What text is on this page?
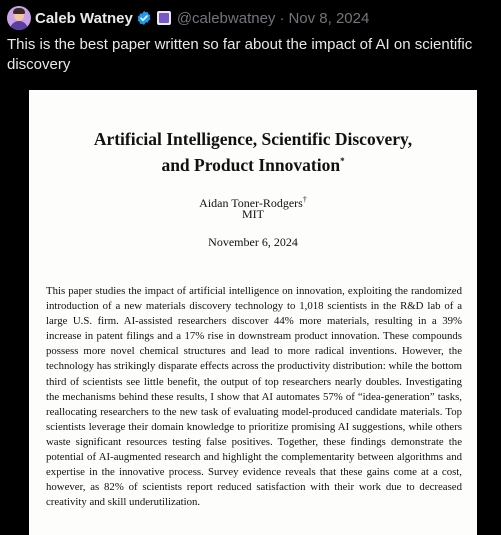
Caleb Watney	@calebwatney · Nov 8, 2024
This is the best paper written so far about the impact of AI on scientific discovery
Artificial Intelligence, Scientific Discovery,
and Product Innovation*
Aidan Toner-Rodgers†
MIT
November 6, 2024
This paper studies the impact of artificial intelligence on innovation, exploiting the randomized introduction of a new materials discovery technology to 1,018 scientists in the R&D lab of a large U.S. firm. AI-assisted researchers discover 44% more materials, resulting in a 39% increase in patent filings and a 17% rise in downstream product innovation. These compounds possess more novel chemical structures and lead to more radical inventions. However, the technology has strikingly disparate effects across the productivity distribution: while the bottom third of scientists see little benefit, the output of top researchers nearly doubles. Investigating the mechanisms behind these results, I show that AI automates 57% of “idea-generation” tasks, reallocating researchers to the new task of evaluating model-produced candidate materials. Top scientists leverage their domain knowledge to prioritize promising AI suggestions, while others waste significant resources testing false positives. Together, these findings demonstrate the potential of AI-augmented research and highlight the complementarity between algorithms and expertise in the innovative process. Survey evidence reveals that these gains come at a cost, however, as 82% of scientists report reduced satisfaction with their work due to decreased creativity and skill underutilization.
